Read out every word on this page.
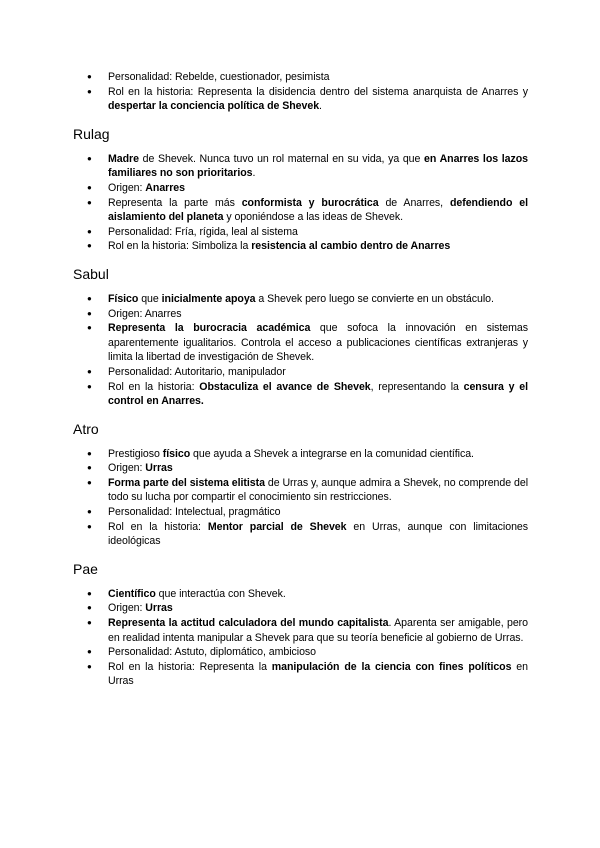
● Personalidad: Rebelde, cuestionador, pesimista
● Rol en la historia: Representa la disidencia dentro del sistema anarquista de Anarres y despertar la conciencia política de Shevek.
Rulag
● Madre de Shevek. Nunca tuvo un rol maternal en su vida, ya que en Anarres los lazos familiares no son prioritarios.
● Origen: Anarres
● Representa la parte más conformista y burocrática de Anarres, defendiendo el aislamiento del planeta y oponiéndose a las ideas de Shevek.
● Personalidad: Fría, rígida, leal al sistema
● Rol en la historia: Simboliza la resistencia al cambio dentro de Anarres
Sabul
● Físico que inicialmente apoya a Shevek pero luego se convierte en un obstáculo.
● Origen: Anarres
● Representa la burocracia académica que sofoca la innovación en sistemas aparentemente igualitarios. Controla el acceso a publicaciones científicas extranjeras y limita la libertad de investigación de Shevek.
● Personalidad: Autoritario, manipulador
● Rol en la historia: Obstaculiza el avance de Shevek, representando la censura y el control en Anarres.
Atro
● Prestigioso físico que ayuda a Shevek a integrarse en la comunidad científica.
● Origen: Urras
● Forma parte del sistema elitista de Urras y, aunque admira a Shevek, no comprende del todo su lucha por compartir el conocimiento sin restricciones.
● Personalidad: Intelectual, pragmático
● Rol en la historia: Mentor parcial de Shevek en Urras, aunque con limitaciones ideológicas
Pae
● Científico que interactúa con Shevek.
● Origen: Urras
● Representa la actitud calculadora del mundo capitalista. Aparenta ser amigable, pero en realidad intenta manipular a Shevek para que su teoría beneficie al gobierno de Urras.
● Personalidad: Astuto, diplomático, ambicioso
● Rol en la historia: Representa la manipulación de la ciencia con fines políticos en Urras
